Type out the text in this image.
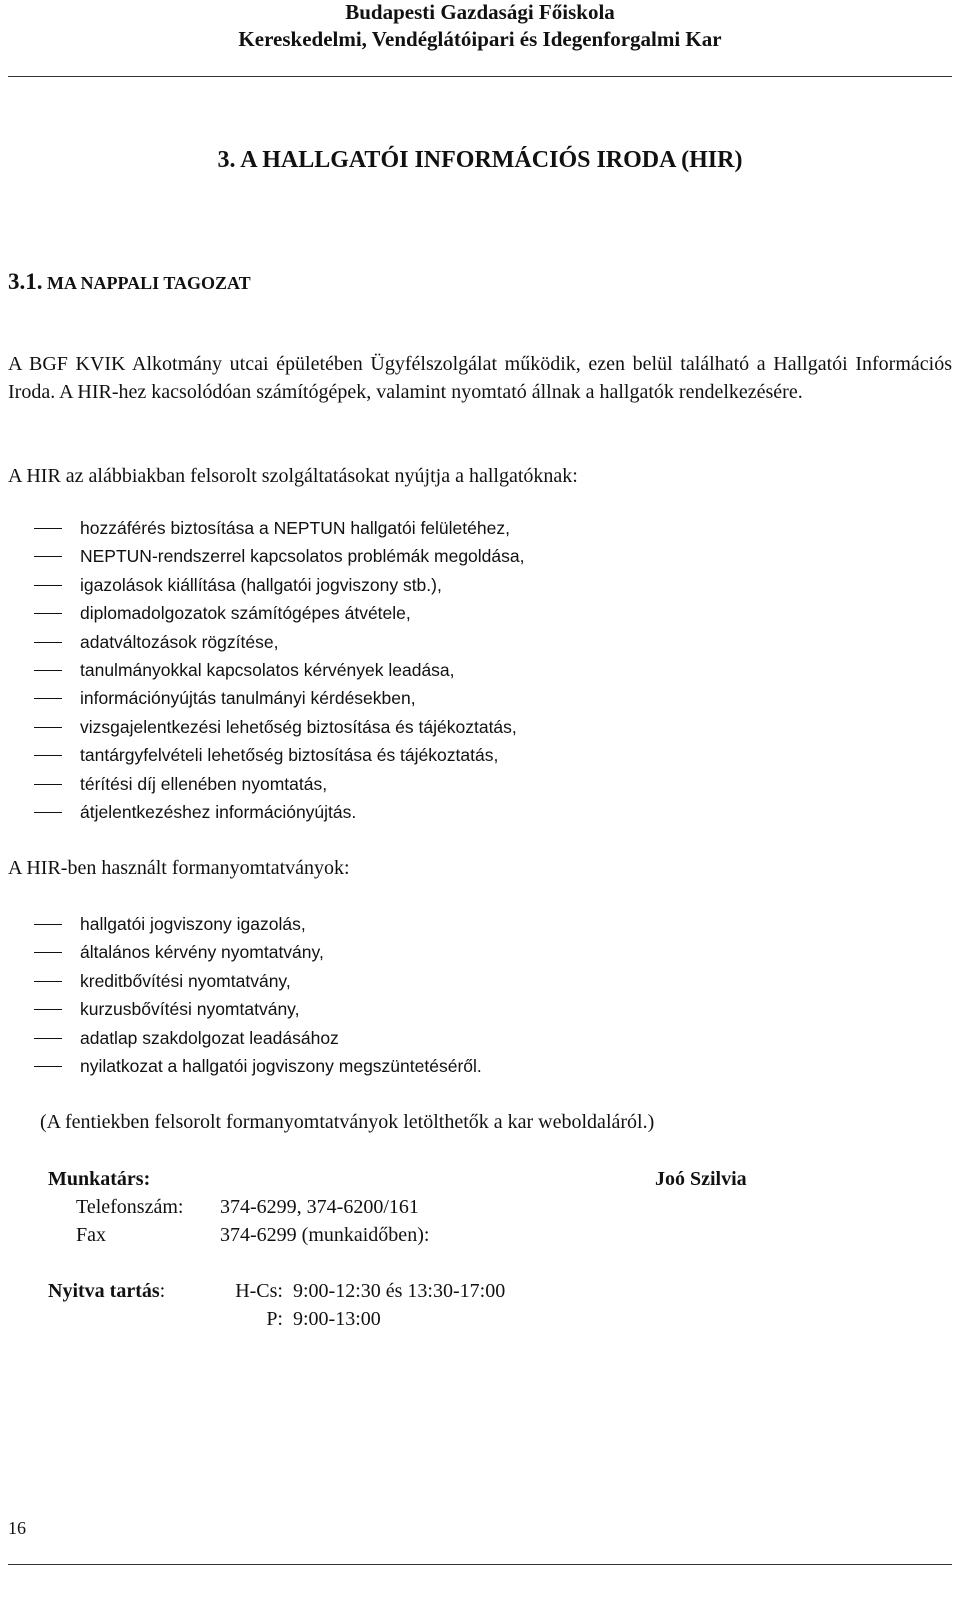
Budapesti Gazdasági Főiskola
Kereskedelmi, Vendéglátóipari és Idegenforgalmi Kar
3. A HALLGATÓI INFORMÁCIÓS IRODA (HIR)
3.1. MA NAPPALI TAGOZAT
A BGF KVIK Alkotmány utcai épületében Ügyfélszolgálat működik, ezen belül található a Hallgatói Információs Iroda. A HIR-hez kacsolódóan számítógépek, valamint nyomtató állnak a hallgatók rendelkezésére.
A HIR az alábbiakban felsorolt szolgáltatásokat nyújtja a hallgatóknak:
hozzáférés biztosítása a NEPTUN hallgatói felületéhez,
NEPTUN-rendszerrel kapcsolatos problémák megoldása,
igazolások kiállítása (hallgatói jogviszony stb.),
diplomadolgozatok számítógépes átvétele,
adatváltozások rögzítése,
tanulmányokkal kapcsolatos kérvények leadása,
információnyújtás tanulmányi kérdésekben,
vizsgajelentkezési lehetőség biztosítása és tájékoztatás,
tantárgyfelvételi lehetőség biztosítása és tájékoztatás,
térítési díj ellenében nyomtatás,
átjelentkezéshez információnyújtás.
A HIR-ben használt formanyomtatványok:
hallgatói jogviszony igazolás,
általános kérvény nyomtatvány,
kreditbővítési nyomtatvány,
kurzusbővítési nyomtatvány,
adatlap szakdolgozat leadásához
nyilatkozat a hallgatói jogviszony megszüntetéséről.
(A fentiekben felsorolt formanyomtatványok letölthetők a kar weboldaláról.)
Munkatárs:	Joó Szilvia
Telefonszám: 374-6299, 374-6200/161
Fax	374-6299 (munkaidőben):
Nyitva tartás:	H-Cs: 9:00-12:30 és 13:30-17:00
P: 9:00-13:00
16
